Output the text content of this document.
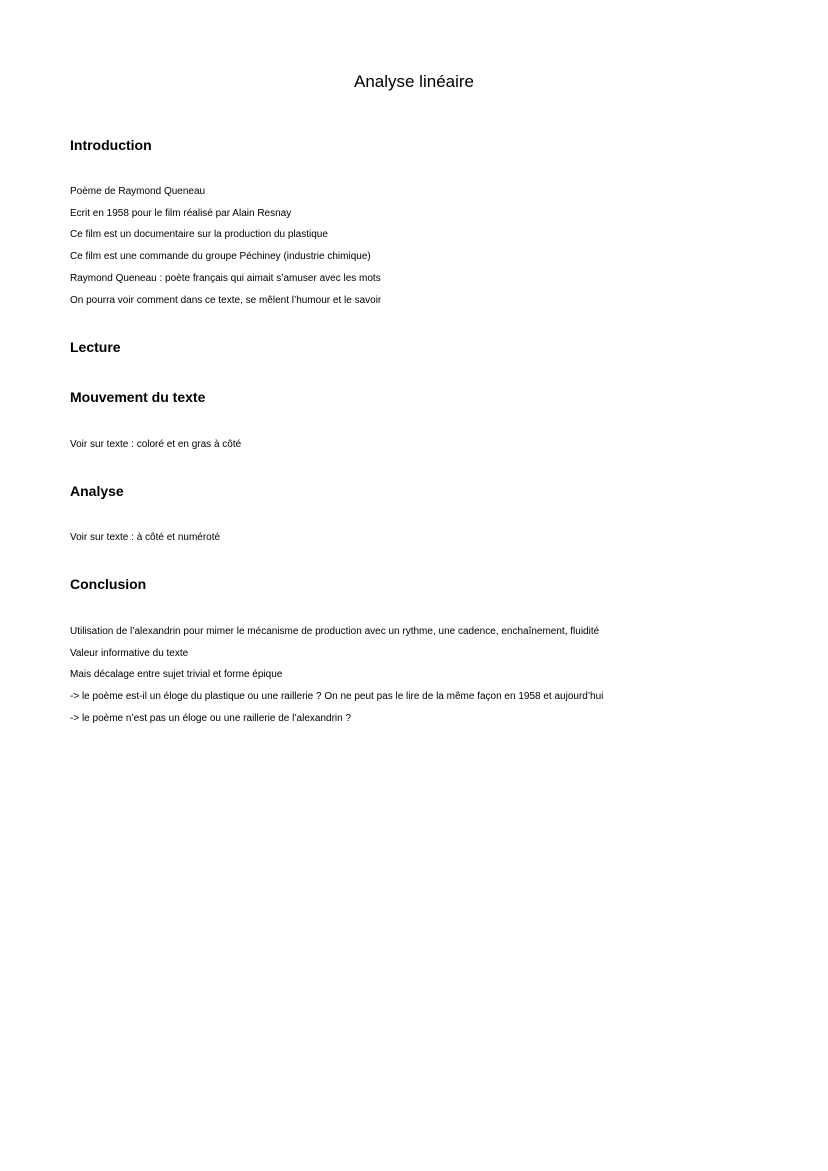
Analyse linéaire
Introduction
Poème de Raymond Queneau
Ecrit en 1958 pour le film réalisé par Alain Resnay
Ce film est un documentaire sur la production du plastique
Ce film est une commande du groupe Péchiney (industrie chimique)
Raymond Queneau : poète français qui aimait s’amuser avec les mots
On pourra voir comment dans ce texte, se mêlent l’humour et le savoir
Lecture
Mouvement du texte
Voir sur texte : coloré et en gras à côté
Analyse
Voir sur texte : à côté et numéroté
Conclusion
Utilisation de l’alexandrin pour mimer le mécanisme de production avec un rythme, une cadence, enchaînement, fluidité
Valeur informative du texte
Mais décalage entre sujet trivial et forme épique
-> le poème est-il un éloge du plastique ou une raillerie ? On ne peut pas le lire de la même façon en 1958 et aujourd’hui
-> le poème n’est pas un éloge ou une raillerie de l’alexandrin ?
